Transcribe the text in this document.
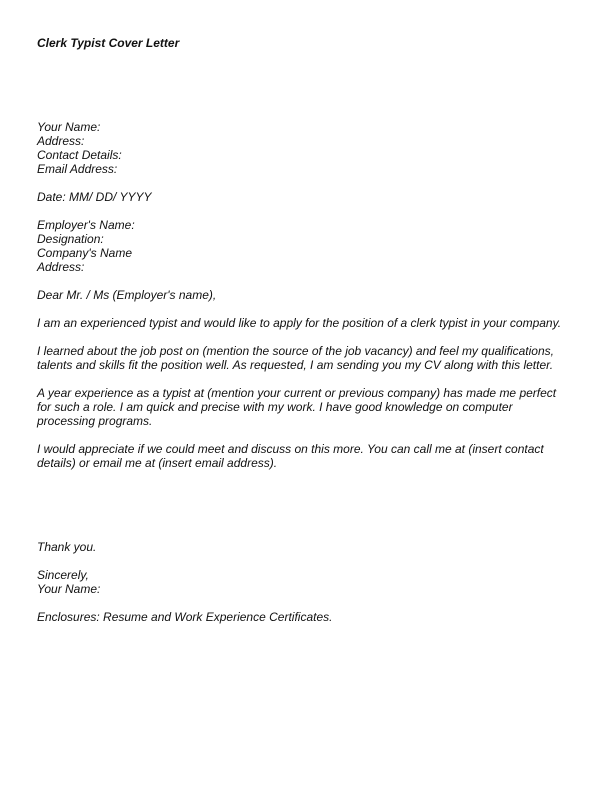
Clerk Typist Cover Letter

Your Name:
Address:
Contact Details:
Email Address:
Date: MM/ DD/ YYYY
Employer's Name:
Designation:
Company's Name
Address:

Dear Mr. / Ms (Employer's name),

I am an experienced typist and would like to apply for the position of a clerk typist in your company.

I learned about the job post on (mention the source of the job vacancy) and feel my qualifications, talents and skills fit the position well. As requested, I am sending you my CV along with this letter.

A year experience as a typist at (mention your current or previous company) has made me perfect for such a role. I am quick and precise with my work. I have good knowledge on computer processing programs.

I would appreciate if we could meet and discuss on this more. You can call me at (insert contact details) or email me at (insert email address).

Thank you.

Sincerely,
Your Name:

Enclosures: Resume and Work Experience Certificates.
